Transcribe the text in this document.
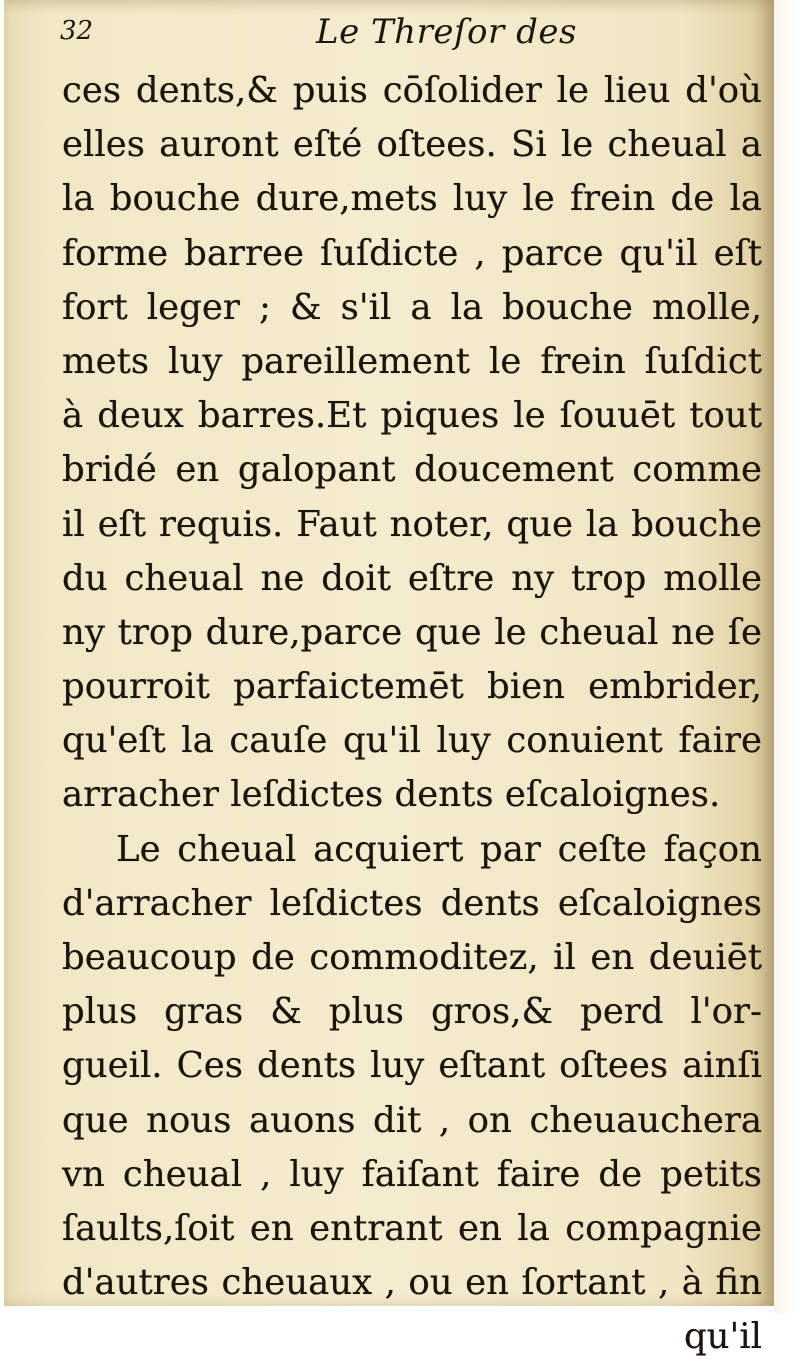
32	Le Threſor des
ces dents,& puis cōſolider le lieu d'où
elles auront eſté oſtees. Si le cheual a
la bouche dure,mets luy le frein de la
forme barree ſuſdicte , parce qu'il eſt
fort leger ; & s'il a la bouche molle,
mets luy pareillement le frein ſuſdict
à deux barres.Et piques le ſouuēt tout
bridé en galopant doucement comme
il eſt requis. Faut noter, que la bouche
du cheual ne doit eſtre ny trop molle
ny trop dure,parce que le cheual ne ſe
pourroit parfaictemēt bien embrider,
qu'eſt la cauſe qu'il luy conuient faire
arracher leſdictes dents eſcaloignes.
Le cheual acquiert par ceſte façon
d'arracher leſdictes dents eſcaloignes
beaucoup de commoditez, il en deuiēt
plus gras & plus gros,& perd l'or-
gueil. Ces dents luy eſtant oſtees ainſi
que nous auons dit , on cheuauchera
vn cheual , luy faiſant faire de petits
ſaults,ſoit en entrant en la compagnie
d'autres cheuaux , ou en ſortant , à fin
qu'il
